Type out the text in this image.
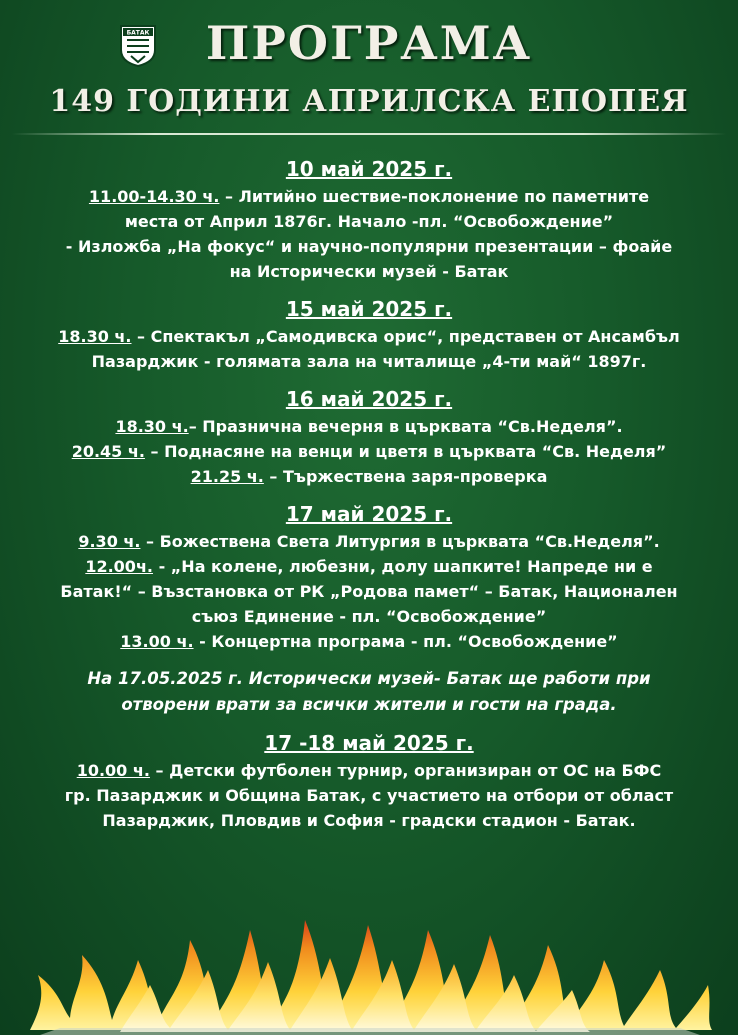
БАТАК	ПРОГРАМА
149 ГОДИНИ АПРИЛСКА ЕПОПЕЯ
10 май 2025 г.
11.00-14.30 ч. – Литийно шествие-поклонение по паметните
места от Април 1876г. Начало -пл. “Освобождение”
- Изложба „На фокус“ и научно-популярни презентации – фоайе
на Исторически музей - Батак
15 май 2025 г.
18.30 ч. – Спектакъл „Самодивска орис“, представен от Ансамбъл
Пазарджик - голямата зала на читалище „4-ти май“ 1897г.
16 май 2025 г.
18.30 ч.– Празнична вечерня в църквата “Св.Неделя”.
20.45 ч. – Поднасяне на венци и цветя в църквата “Св. Неделя”
21.25 ч. – Тържествена заря-проверка
17 май 2025 г.
9.30 ч. – Божествена Света Литургия в църквата “Св.Неделя”.
12.00ч. - „На колене, любезни, долу шапките! Напреде ни е
Батак!“ – Възстановка от РК „Родова памет“ – Батак, Национален
съюз Единение - пл. “Освобождение”
13.00 ч. - Концертна програма - пл. “Освобождение”
На 17.05.2025 г. Исторически музей- Батак ще работи при
отворени врати за всички жители и гости на града.
17 -18 май 2025 г.
10.00 ч. – Детски футболен турнир, организиран от ОС на БФС
гр. Пазарджик и Община Батак, с участието на отбори от област
Пазарджик, Пловдив и София - градски стадион - Батак.
